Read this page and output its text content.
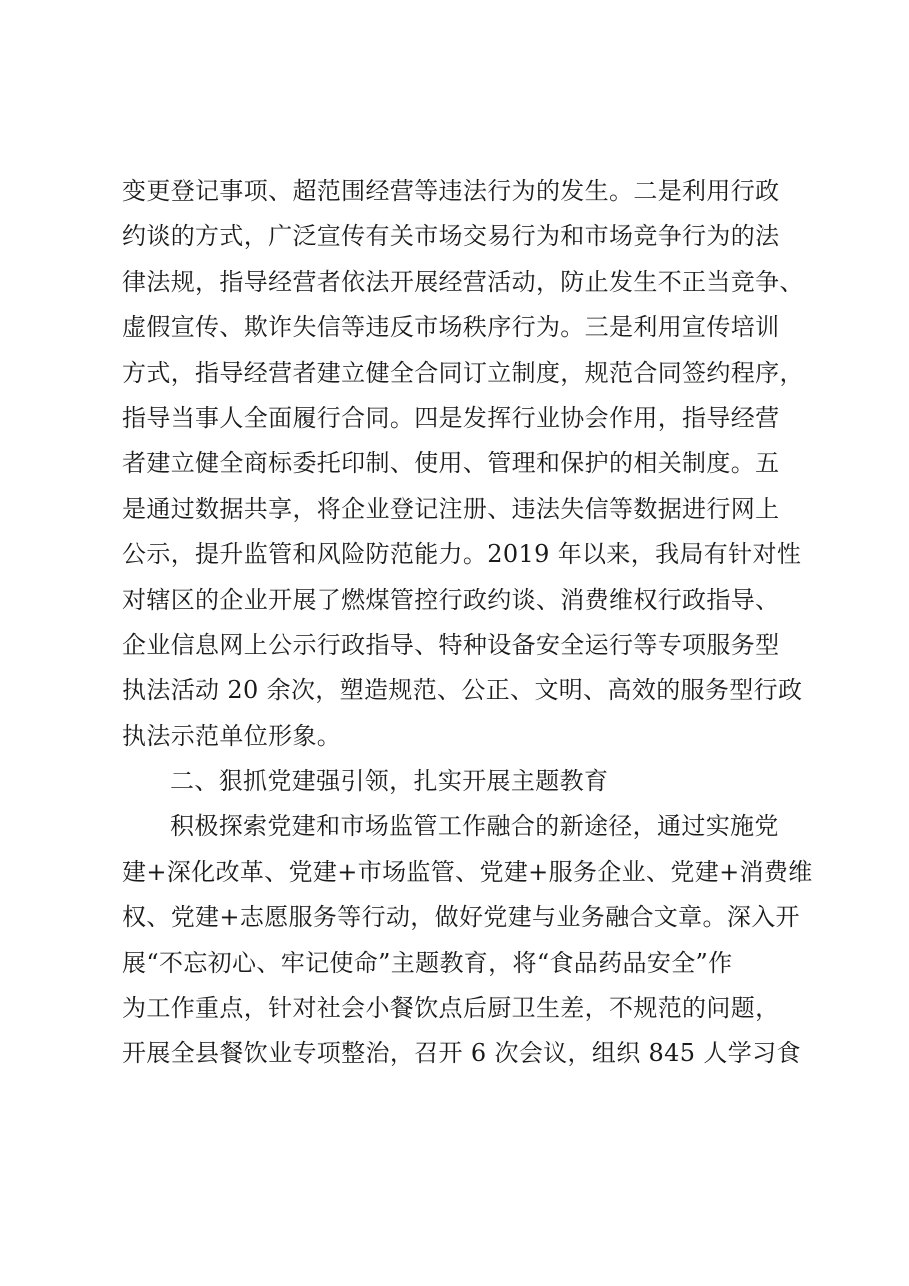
变更登记事项、超范围经营等违法行为的发生。二是利用行政
约谈的方式，广泛宣传有关市场交易行为和市场竞争行为的法
律法规，指导经营者依法开展经营活动，防止发生不正当竞争、
虚假宣传、欺诈失信等违反市场秩序行为。三是利用宣传培训
方式，指导经营者建立健全合同订立制度，规范合同签约程序，
指导当事人全面履行合同。四是发挥行业协会作用，指导经营
者建立健全商标委托印制、使用、管理和保护的相关制度。五
是通过数据共享，将企业登记注册、违法失信等数据进行网上
公示，提升监管和风险防范能力。2019 年以来，我局有针对性
对辖区的企业开展了燃煤管控行政约谈、消费维权行政指导、
企业信息网上公示行政指导、特种设备安全运行等专项服务型
执法活动 20 余次，塑造规范、公正、文明、高效的服务型行政
执法示范单位形象。
二、狠抓党建强引领，扎实开展主题教育
积极探索党建和市场监管工作融合的新途径，通过实施党
建+深化改革、党建+市场监管、党建+服务企业、党建+消费维
权、党建+志愿服务等行动，做好党建与业务融合文章。深入开
展“不忘初心、牢记使命”主题教育，将“食品药品安全”作
为工作重点，针对社会小餐饮点后厨卫生差，不规范的问题，
开展全县餐饮业专项整治，召开 6 次会议，组织 845 人学习食
